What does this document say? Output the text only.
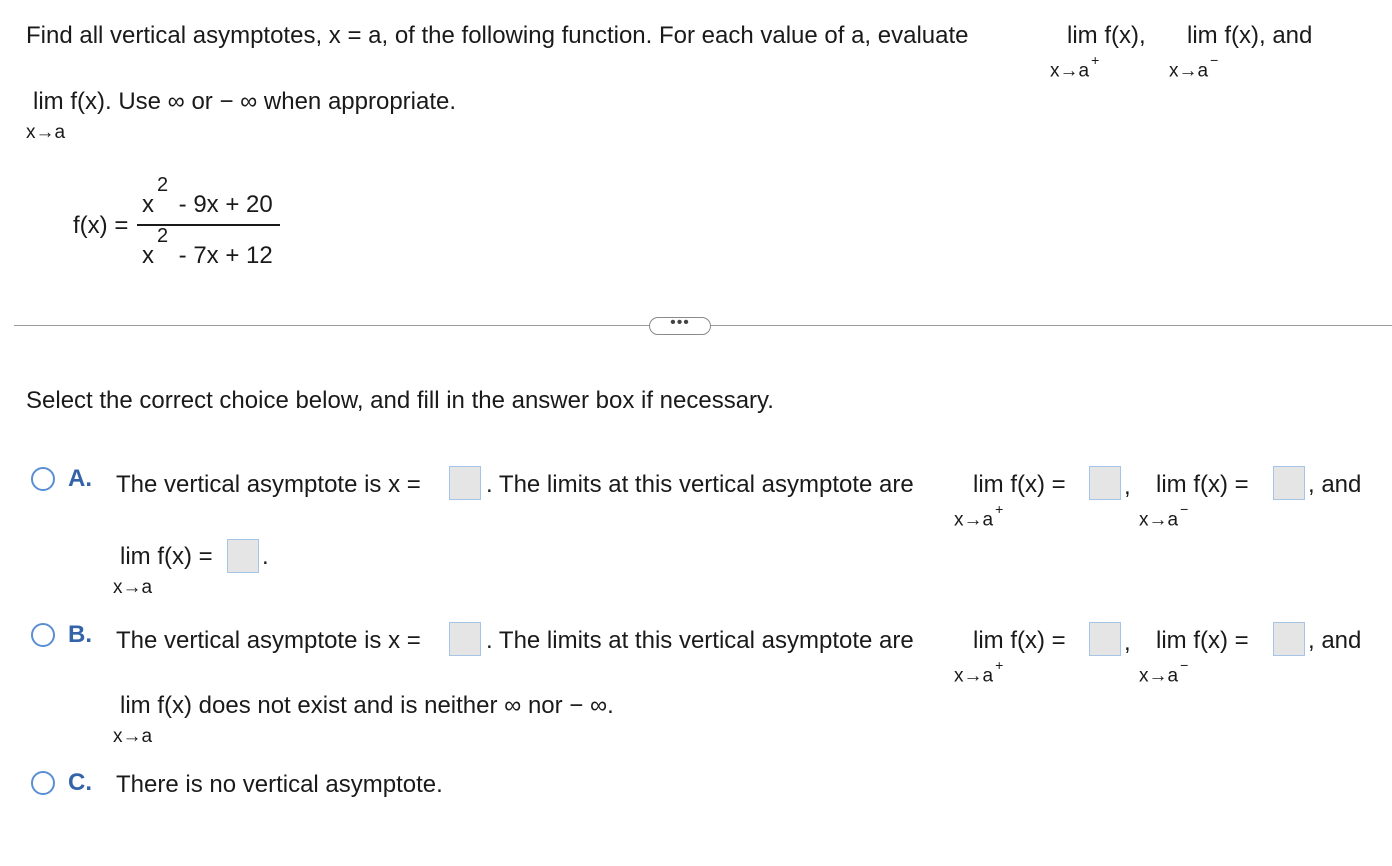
Find all vertical asymptotes, x = a, of the following function. For each value of a, evaluate	lim f(x),
x→a+
lim f(x), and
x→a−
lim f(x). Use ∞ or − ∞ when appropriate.
x→a
f(x) =
x
2
- 9x + 20
x
2
- 7x + 12
•••
Select the correct choice below, and fill in the answer box if necessary.
A. The vertical asymptote is x =	. The limits at this vertical asymptote are lim f(x) =
x→a+
, lim f(x) =
x→a−
, and
lim f(x) =
x→a
.
B. The vertical asymptote is x =	. The limits at this vertical asymptote are lim f(x) =
x→a+
, lim f(x) =
x→a−
, and
lim f(x) does not exist and is neither ∞ nor − ∞.
x→a
C. There is no vertical asymptote.
